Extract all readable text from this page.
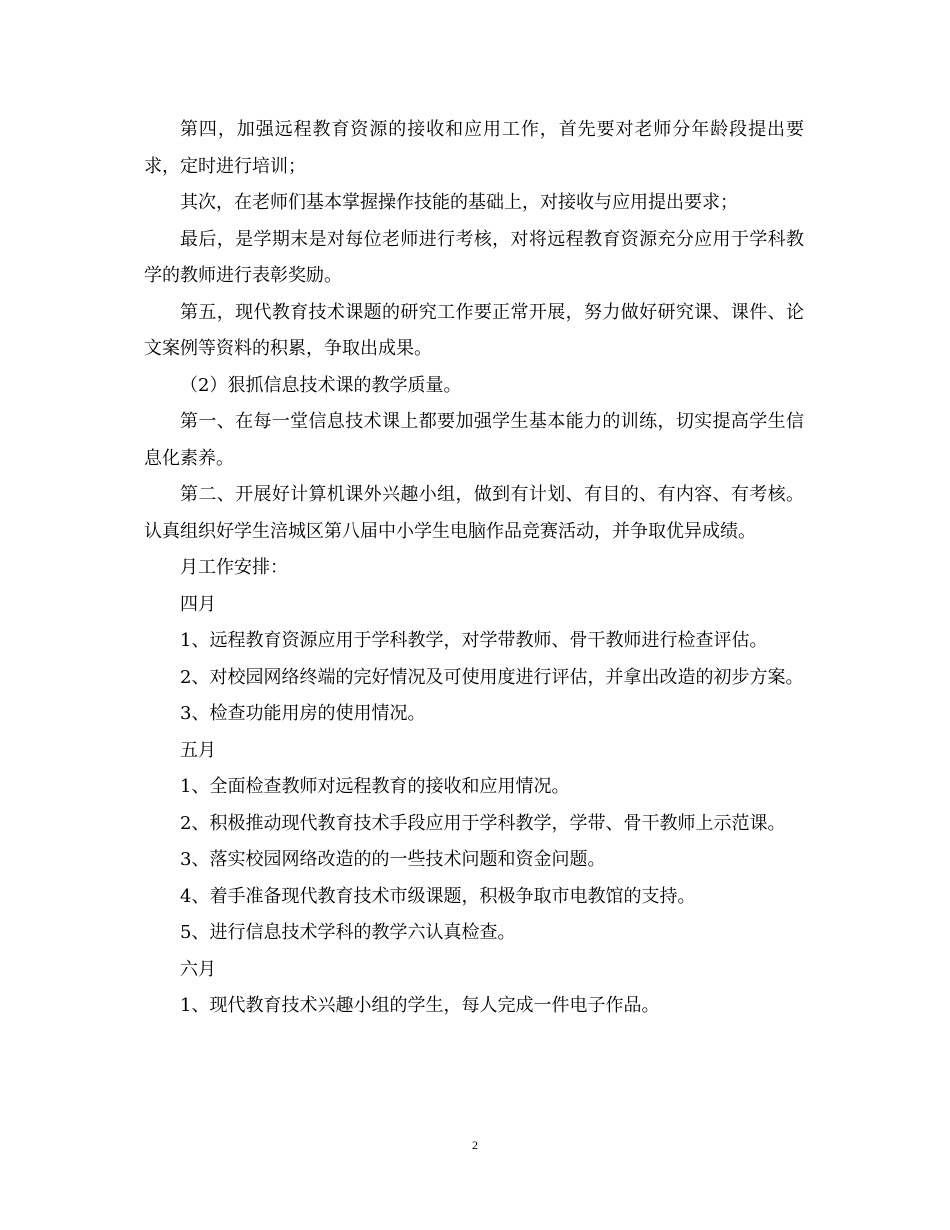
第四，加强远程教育资源的接收和应用工作，首先要对老师分年龄段提出要求，定时进行培训；

其次，在老师们基本掌握操作技能的基础上，对接收与应用提出要求；

最后，是学期末是对每位老师进行考核，对将远程教育资源充分应用于学科教学的教师进行表彰奖励。

第五，现代教育技术课题的研究工作要正常开展，努力做好研究课、课件、论文案例等资料的积累，争取出成果。

（2）狠抓信息技术课的教学质量。

第一、在每一堂信息技术课上都要加强学生基本能力的训练，切实提高学生信息化素养。

第二、开展好计算机课外兴趣小组，做到有计划、有目的、有内容、有考核。认真组织好学生涪城区第八届中小学生电脑作品竞赛活动，并争取优异成绩。

月工作安排：

四月

1、远程教育资源应用于学科教学，对学带教师、骨干教师进行检查评估。

2、对校园网络终端的完好情况及可使用度进行评估，并拿出改造的初步方案。

3、检查功能用房的使用情况。

五月

1、全面检查教师对远程教育的接收和应用情况。

2、积极推动现代教育技术手段应用于学科教学，学带、骨干教师上示范课。

3、落实校园网络改造的的一些技术问题和资金问题。

4、着手准备现代教育技术市级课题，积极争取市电教馆的支持。

5、进行信息技术学科的教学六认真检查。

六月

1、现代教育技术兴趣小组的学生，每人完成一件电子作品。

2
